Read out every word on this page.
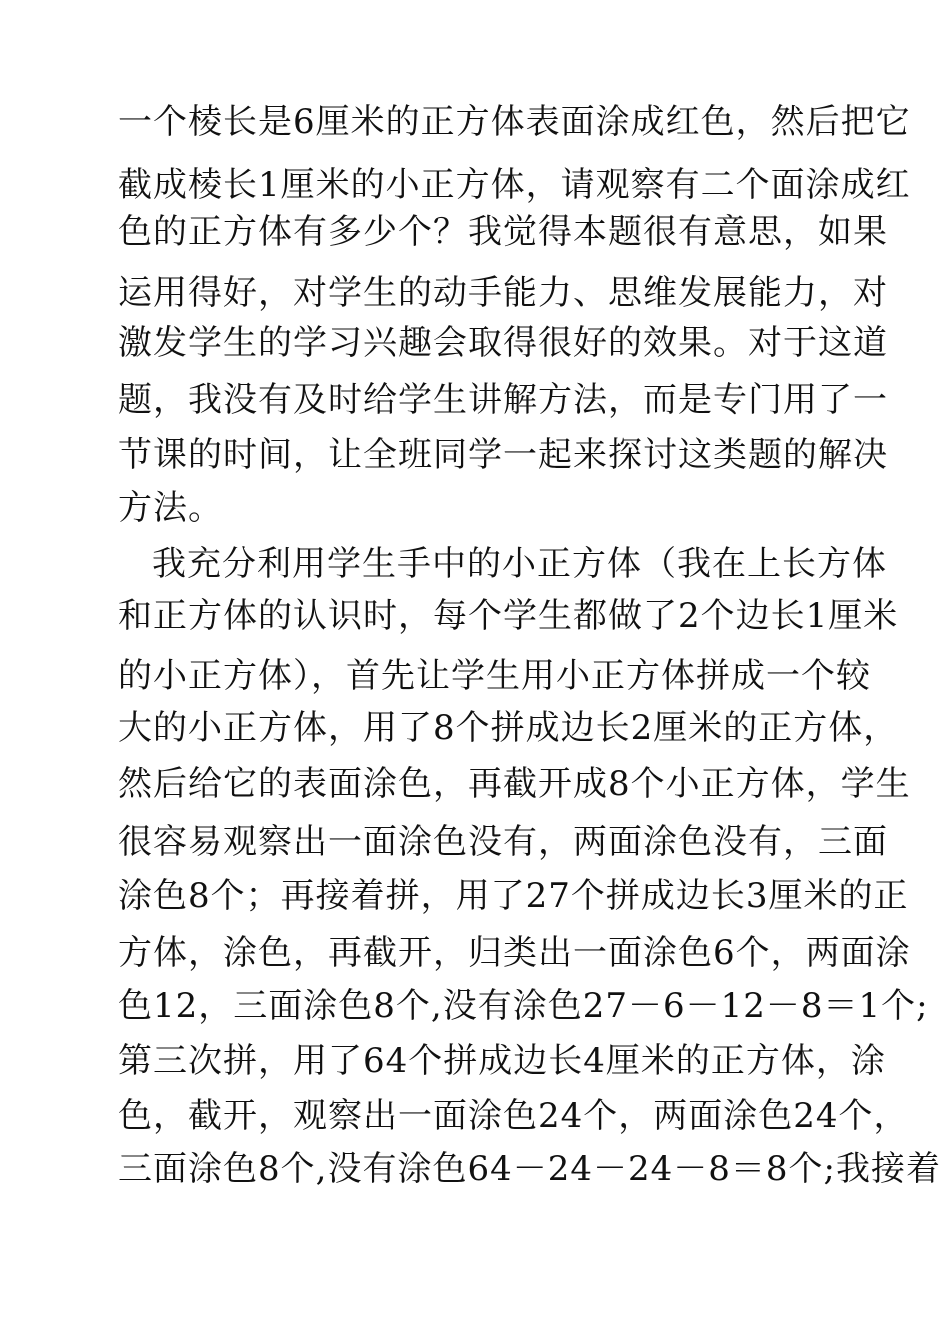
一个棱长是6厘米的正方体表面涂成红色，然后把它

截成棱长1厘米的小正方体，请观察有二个面涂成红

色的正方体有多少个？我觉得本题很有意思，如果

运用得好，对学生的动手能力、思维发展能力，对

激发学生的学习兴趣会取得很好的效果。对于这道

题，我没有及时给学生讲解方法，而是专门用了一

节课的时间，让全班同学一起来探讨这类题的解决

方法。

我充分利用学生手中的小正方体（我在上长方体

和正方体的认识时，每个学生都做了2个边长1厘米

的小正方体），首先让学生用小正方体拼成一个较

大的小正方体，用了8个拼成边长2厘米的正方体，

然后给它的表面涂色，再截开成8个小正方体，学生

很容易观察出一面涂色没有，两面涂色没有，三面

涂色8个；再接着拼，用了27个拼成边长3厘米的正

方体，涂色，再截开，归类出一面涂色6个，两面涂

色12，三面涂色8个,没有涂色27－6－12－8＝1个;

第三次拼，用了64个拼成边长4厘米的正方体，涂

色，截开，观察出一面涂色24个，两面涂色24个，

三面涂色8个,没有涂色64－24－24－8＝8个;我接着
